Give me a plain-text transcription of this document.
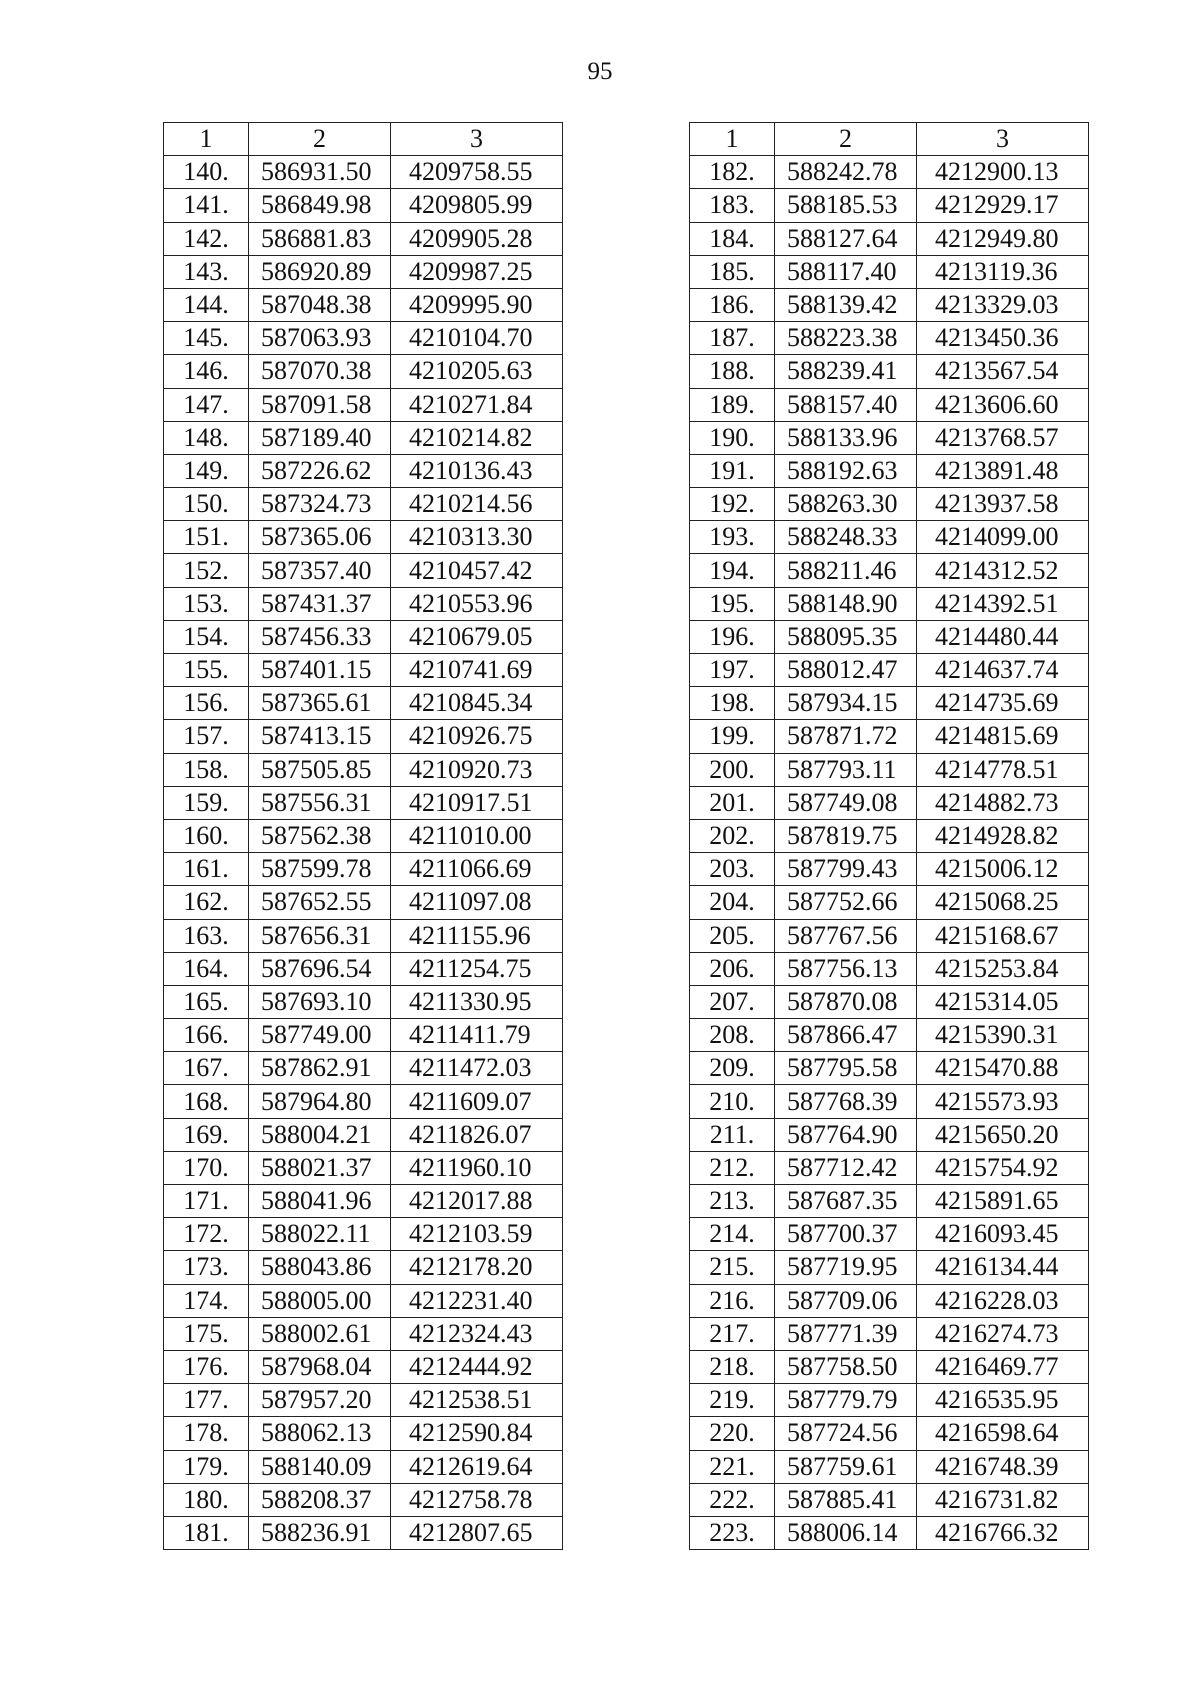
95
1	2	3
140.	586931.50	4209758.55
141.	586849.98	4209805.99
142.	586881.83	4209905.28
143.	586920.89	4209987.25
144.	587048.38	4209995.90
145.	587063.93	4210104.70
146.	587070.38	4210205.63
147.	587091.58	4210271.84
148.	587189.40	4210214.82
149.	587226.62	4210136.43
150.	587324.73	4210214.56
151.	587365.06	4210313.30
152.	587357.40	4210457.42
153.	587431.37	4210553.96
154.	587456.33	4210679.05
155.	587401.15	4210741.69
156.	587365.61	4210845.34
157.	587413.15	4210926.75
158.	587505.85	4210920.73
159.	587556.31	4210917.51
160.	587562.38	4211010.00
161.	587599.78	4211066.69
162.	587652.55	4211097.08
163.	587656.31	4211155.96
164.	587696.54	4211254.75
165.	587693.10	4211330.95
166.	587749.00	4211411.79
167.	587862.91	4211472.03
168.	587964.80	4211609.07
169.	588004.21	4211826.07
170.	588021.37	4211960.10
171.	588041.96	4212017.88
172.	588022.11	4212103.59
173.	588043.86	4212178.20
174.	588005.00	4212231.40
175.	588002.61	4212324.43
176.	587968.04	4212444.92
177.	587957.20	4212538.51
178.	588062.13	4212590.84
179.	588140.09	4212619.64
180.	588208.37	4212758.78
181.	588236.91	4212807.65
1	2	3
182.	588242.78	4212900.13
183.	588185.53	4212929.17
184.	588127.64	4212949.80
185.	588117.40	4213119.36
186.	588139.42	4213329.03
187.	588223.38	4213450.36
188.	588239.41	4213567.54
189.	588157.40	4213606.60
190.	588133.96	4213768.57
191.	588192.63	4213891.48
192.	588263.30	4213937.58
193.	588248.33	4214099.00
194.	588211.46	4214312.52
195.	588148.90	4214392.51
196.	588095.35	4214480.44
197.	588012.47	4214637.74
198.	587934.15	4214735.69
199.	587871.72	4214815.69
200.	587793.11	4214778.51
201.	587749.08	4214882.73
202.	587819.75	4214928.82
203.	587799.43	4215006.12
204.	587752.66	4215068.25
205.	587767.56	4215168.67
206.	587756.13	4215253.84
207.	587870.08	4215314.05
208.	587866.47	4215390.31
209.	587795.58	4215470.88
210.	587768.39	4215573.93
211.	587764.90	4215650.20
212.	587712.42	4215754.92
213.	587687.35	4215891.65
214.	587700.37	4216093.45
215.	587719.95	4216134.44
216.	587709.06	4216228.03
217.	587771.39	4216274.73
218.	587758.50	4216469.77
219.	587779.79	4216535.95
220.	587724.56	4216598.64
221.	587759.61	4216748.39
222.	587885.41	4216731.82
223.	588006.14	4216766.32
